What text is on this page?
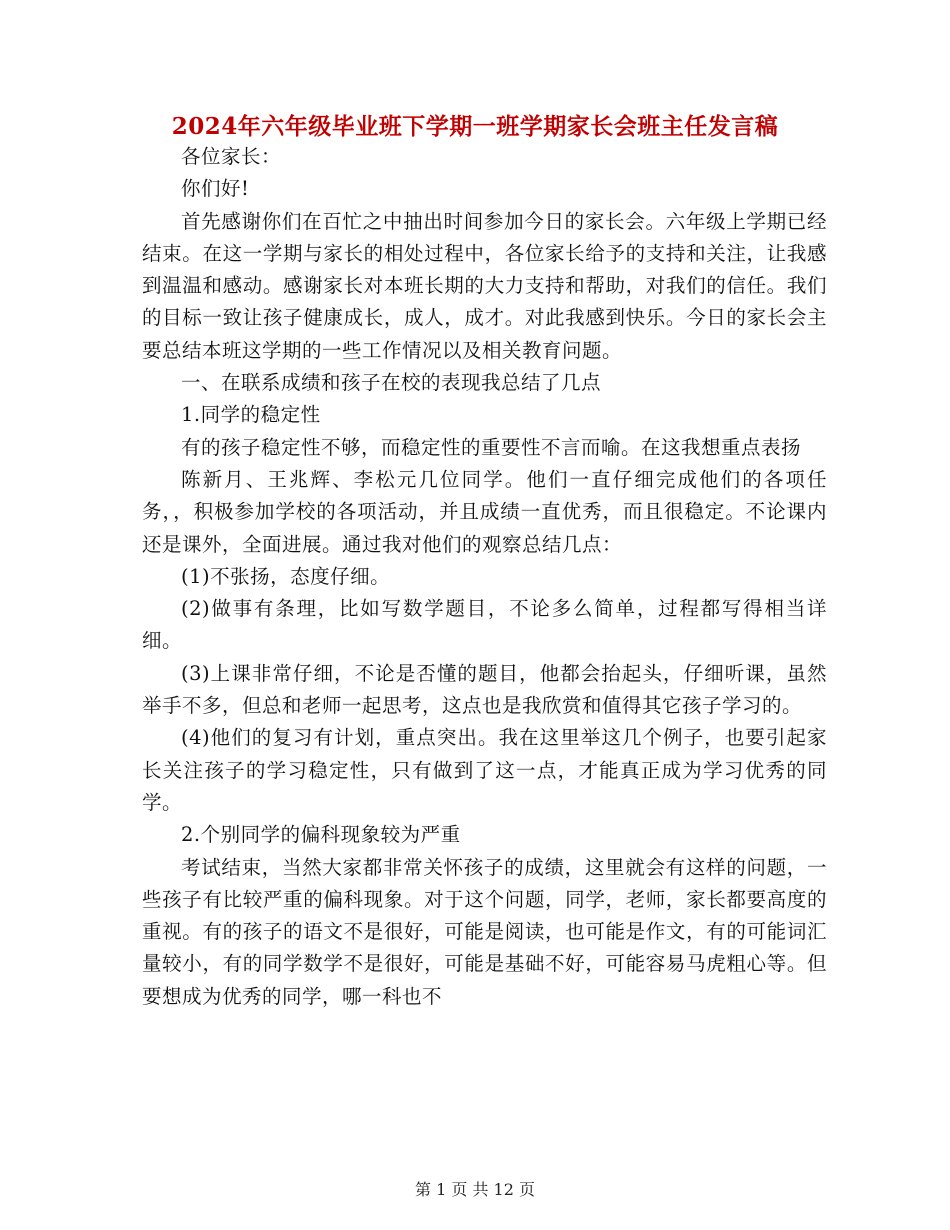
2024年六年级毕业班下学期一班学期家长会班主任发言稿

各位家长：

你们好!

首先感谢你们在百忙之中抽出时间参加今日的家长会。六年级上学期已经结束。在这一学期与家长的相处过程中，各位家长给予的支持和关注，让我感到温温和感动。感谢家长对本班长期的大力支持和帮助，对我们的信任。我们的目标一致让孩子健康成长，成人，成才。对此我感到快乐。今日的家长会主要总结本班这学期的一些工作情况以及相关教育问题。

一、在联系成绩和孩子在校的表现我总结了几点

1.同学的稳定性

有的孩子稳定性不够，而稳定性的重要性不言而喻。在这我想重点表扬

陈新月、王兆辉、李松元几位同学。他们一直仔细完成他们的各项任务，，积极参加学校的各项活动，并且成绩一直优秀，而且很稳定。不论课内还是课外，全面进展。通过我对他们的观察总结几点：

(1)不张扬，态度仔细。

(2)做事有条理，比如写数学题目，不论多么简单，过程都写得相当详细。

(3)上课非常仔细，不论是否懂的题目，他都会抬起头，仔细听课，虽然举手不多，但总和老师一起思考，这点也是我欣赏和值得其它孩子学习的。

(4)他们的复习有计划，重点突出。我在这里举这几个例子，也要引起家长关注孩子的学习稳定性，只有做到了这一点，才能真正成为学习优秀的同学。

2.个别同学的偏科现象较为严重

考试结束，当然大家都非常关怀孩子的成绩，这里就会有这样的问题，一些孩子有比较严重的偏科现象。对于这个问题，同学，老师，家长都要高度的重视。有的孩子的语文不是很好，可能是阅读，也可能是作文，有的可能词汇量较小，有的同学数学不是很好，可能是基础不好，可能容易马虎粗心等。但要想成为优秀的同学，哪一科也不

第 1 页 共 12 页
